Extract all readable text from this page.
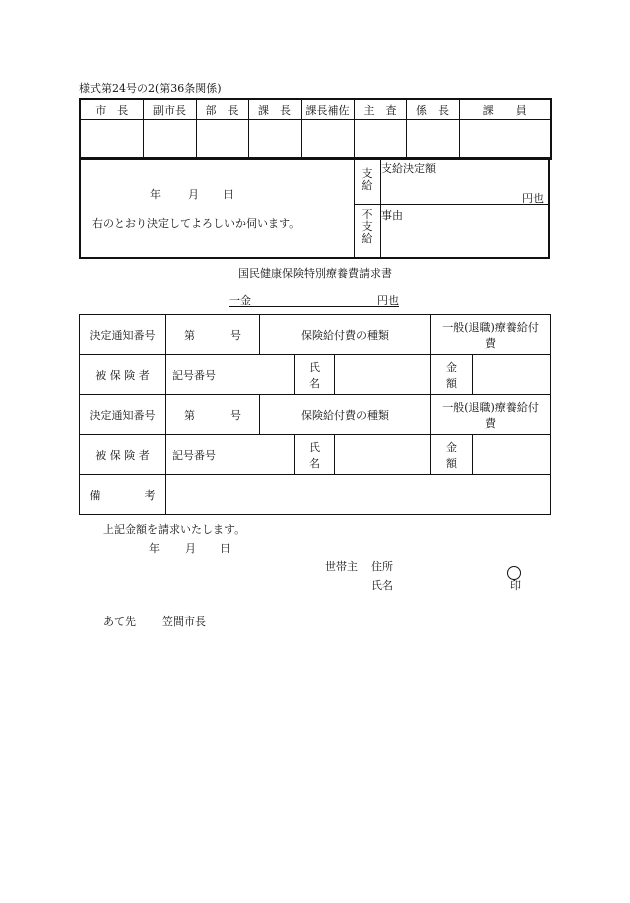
様式第24号の2(第36条関係)
市　長	副市長	部　長	課　長	課長補佐	主　査	係　長	課　　員

年 月 日
右のとおり決定してよろしいか伺います。
支給
不支給
支給決定額
円也
事由
国民健康保険特別療養費請求書
一金	円也
決定通知番号	第 号	保険給付費の種類			一般(退職)療養給付費	
被 保 険 者	記号番号		氏　名		金　額	
決定通知番号	第 号	保険給付費の種類			一般(退職)療養給付費	
被 保 険 者	記号番号		氏　名		金　額	
備　　　　考						
上記金額を請求いたします。
年 月 日
世帯主 住所
氏名	印
あて先 笠間市長
